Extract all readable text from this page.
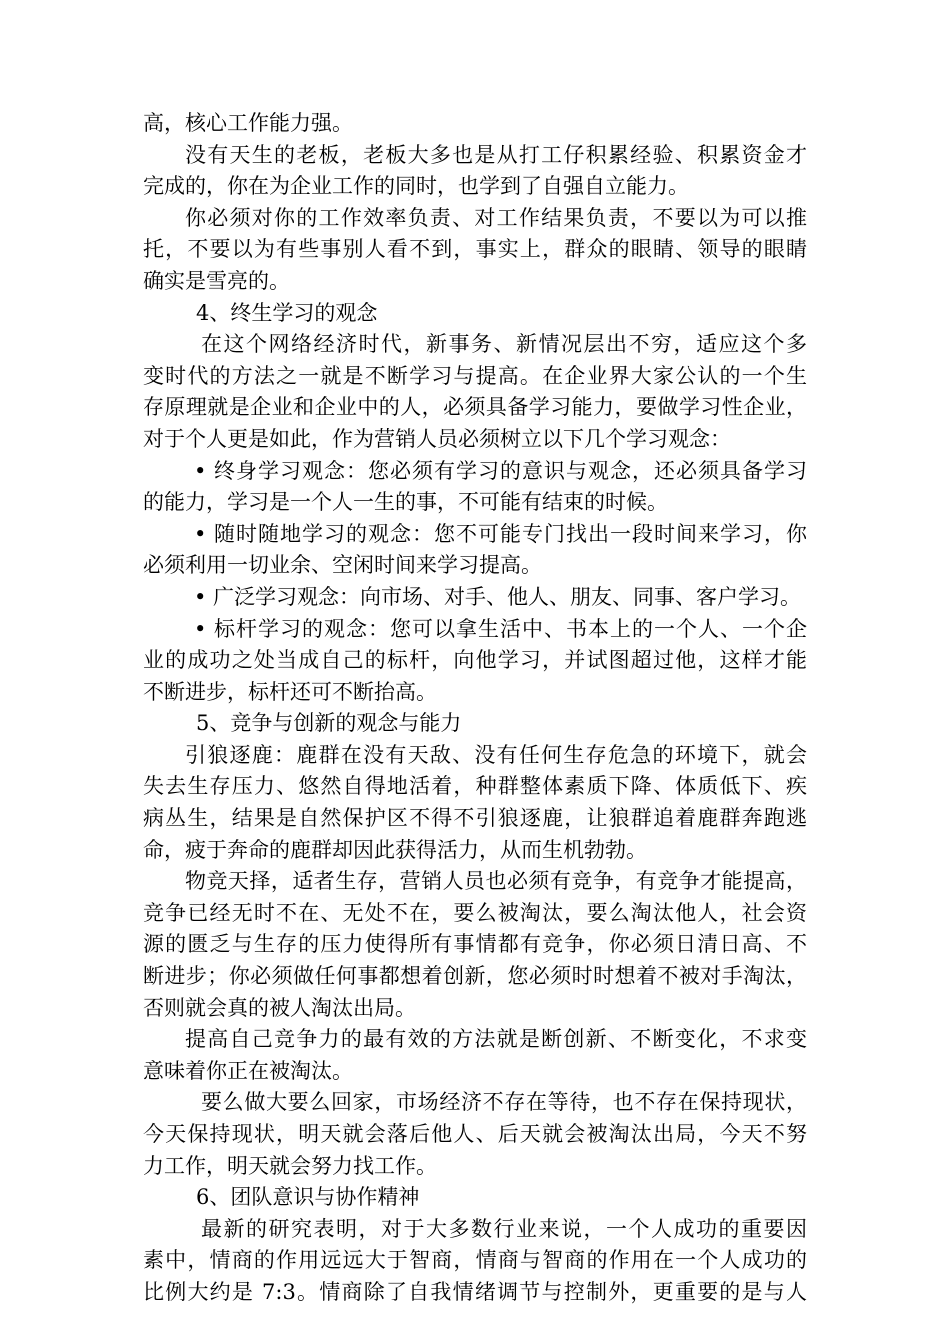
高，核心工作能力强。
没有天生的老板，老板大多也是从打工仔积累经验、积累资金才
完成的，你在为企业工作的同时，也学到了自强自立能力。
你必须对你的工作效率负责、对工作结果负责，不要以为可以推
托，不要以为有些事别人看不到，事实上，群众的眼睛、领导的眼睛
确实是雪亮的。
4、终生学习的观念
在这个网络经济时代，新事务、新情况层出不穷，适应这个多
变时代的方法之一就是不断学习与提高。在企业界大家公认的一个生
存原理就是企业和企业中的人，必须具备学习能力，要做学习性企业，
对于个人更是如此，作为营销人员必须树立以下几个学习观念：
• 终身学习观念：您必须有学习的意识与观念，还必须具备学习
的能力，学习是一个人一生的事，不可能有结束的时候。
• 随时随地学习的观念：您不可能专门找出一段时间来学习，你
必须利用一切业余、空闲时间来学习提高。
• 广泛学习观念：向市场、对手、他人、朋友、同事、客户学习。
• 标杆学习的观念：您可以拿生活中、书本上的一个人、一个企
业的成功之处当成自己的标杆，向他学习，并试图超过他，这样才能
不断进步，标杆还可不断抬高。
5、竞争与创新的观念与能力
引狼逐鹿：鹿群在没有天敌、没有任何生存危急的环境下，就会
失去生存压力、悠然自得地活着，种群整体素质下降、体质低下、疾
病丛生，结果是自然保护区不得不引狼逐鹿，让狼群追着鹿群奔跑逃
命，疲于奔命的鹿群却因此获得活力，从而生机勃勃。
物竞天择，适者生存，营销人员也必须有竞争，有竞争才能提高，
竞争已经无时不在、无处不在，要么被淘汰，要么淘汰他人，社会资
源的匮乏与生存的压力使得所有事情都有竞争，你必须日清日高、不
断进步；你必须做任何事都想着创新，您必须时时想着不被对手淘汰，
否则就会真的被人淘汰出局。
提高自己竞争力的最有效的方法就是断创新、不断变化，不求变
意味着你正在被淘汰。
要么做大要么回家，市场经济不存在等待，也不存在保持现状，
今天保持现状，明天就会落后他人、后天就会被淘汰出局，今天不努
力工作，明天就会努力找工作。
6、团队意识与协作精神
最新的研究表明，对于大多数行业来说，一个人成功的重要因
素中，情商的作用远远大于智商，情商与智商的作用在一个人成功的
比例大约是 7:3。情商除了自我情绪调节与控制外，更重要的是与人
